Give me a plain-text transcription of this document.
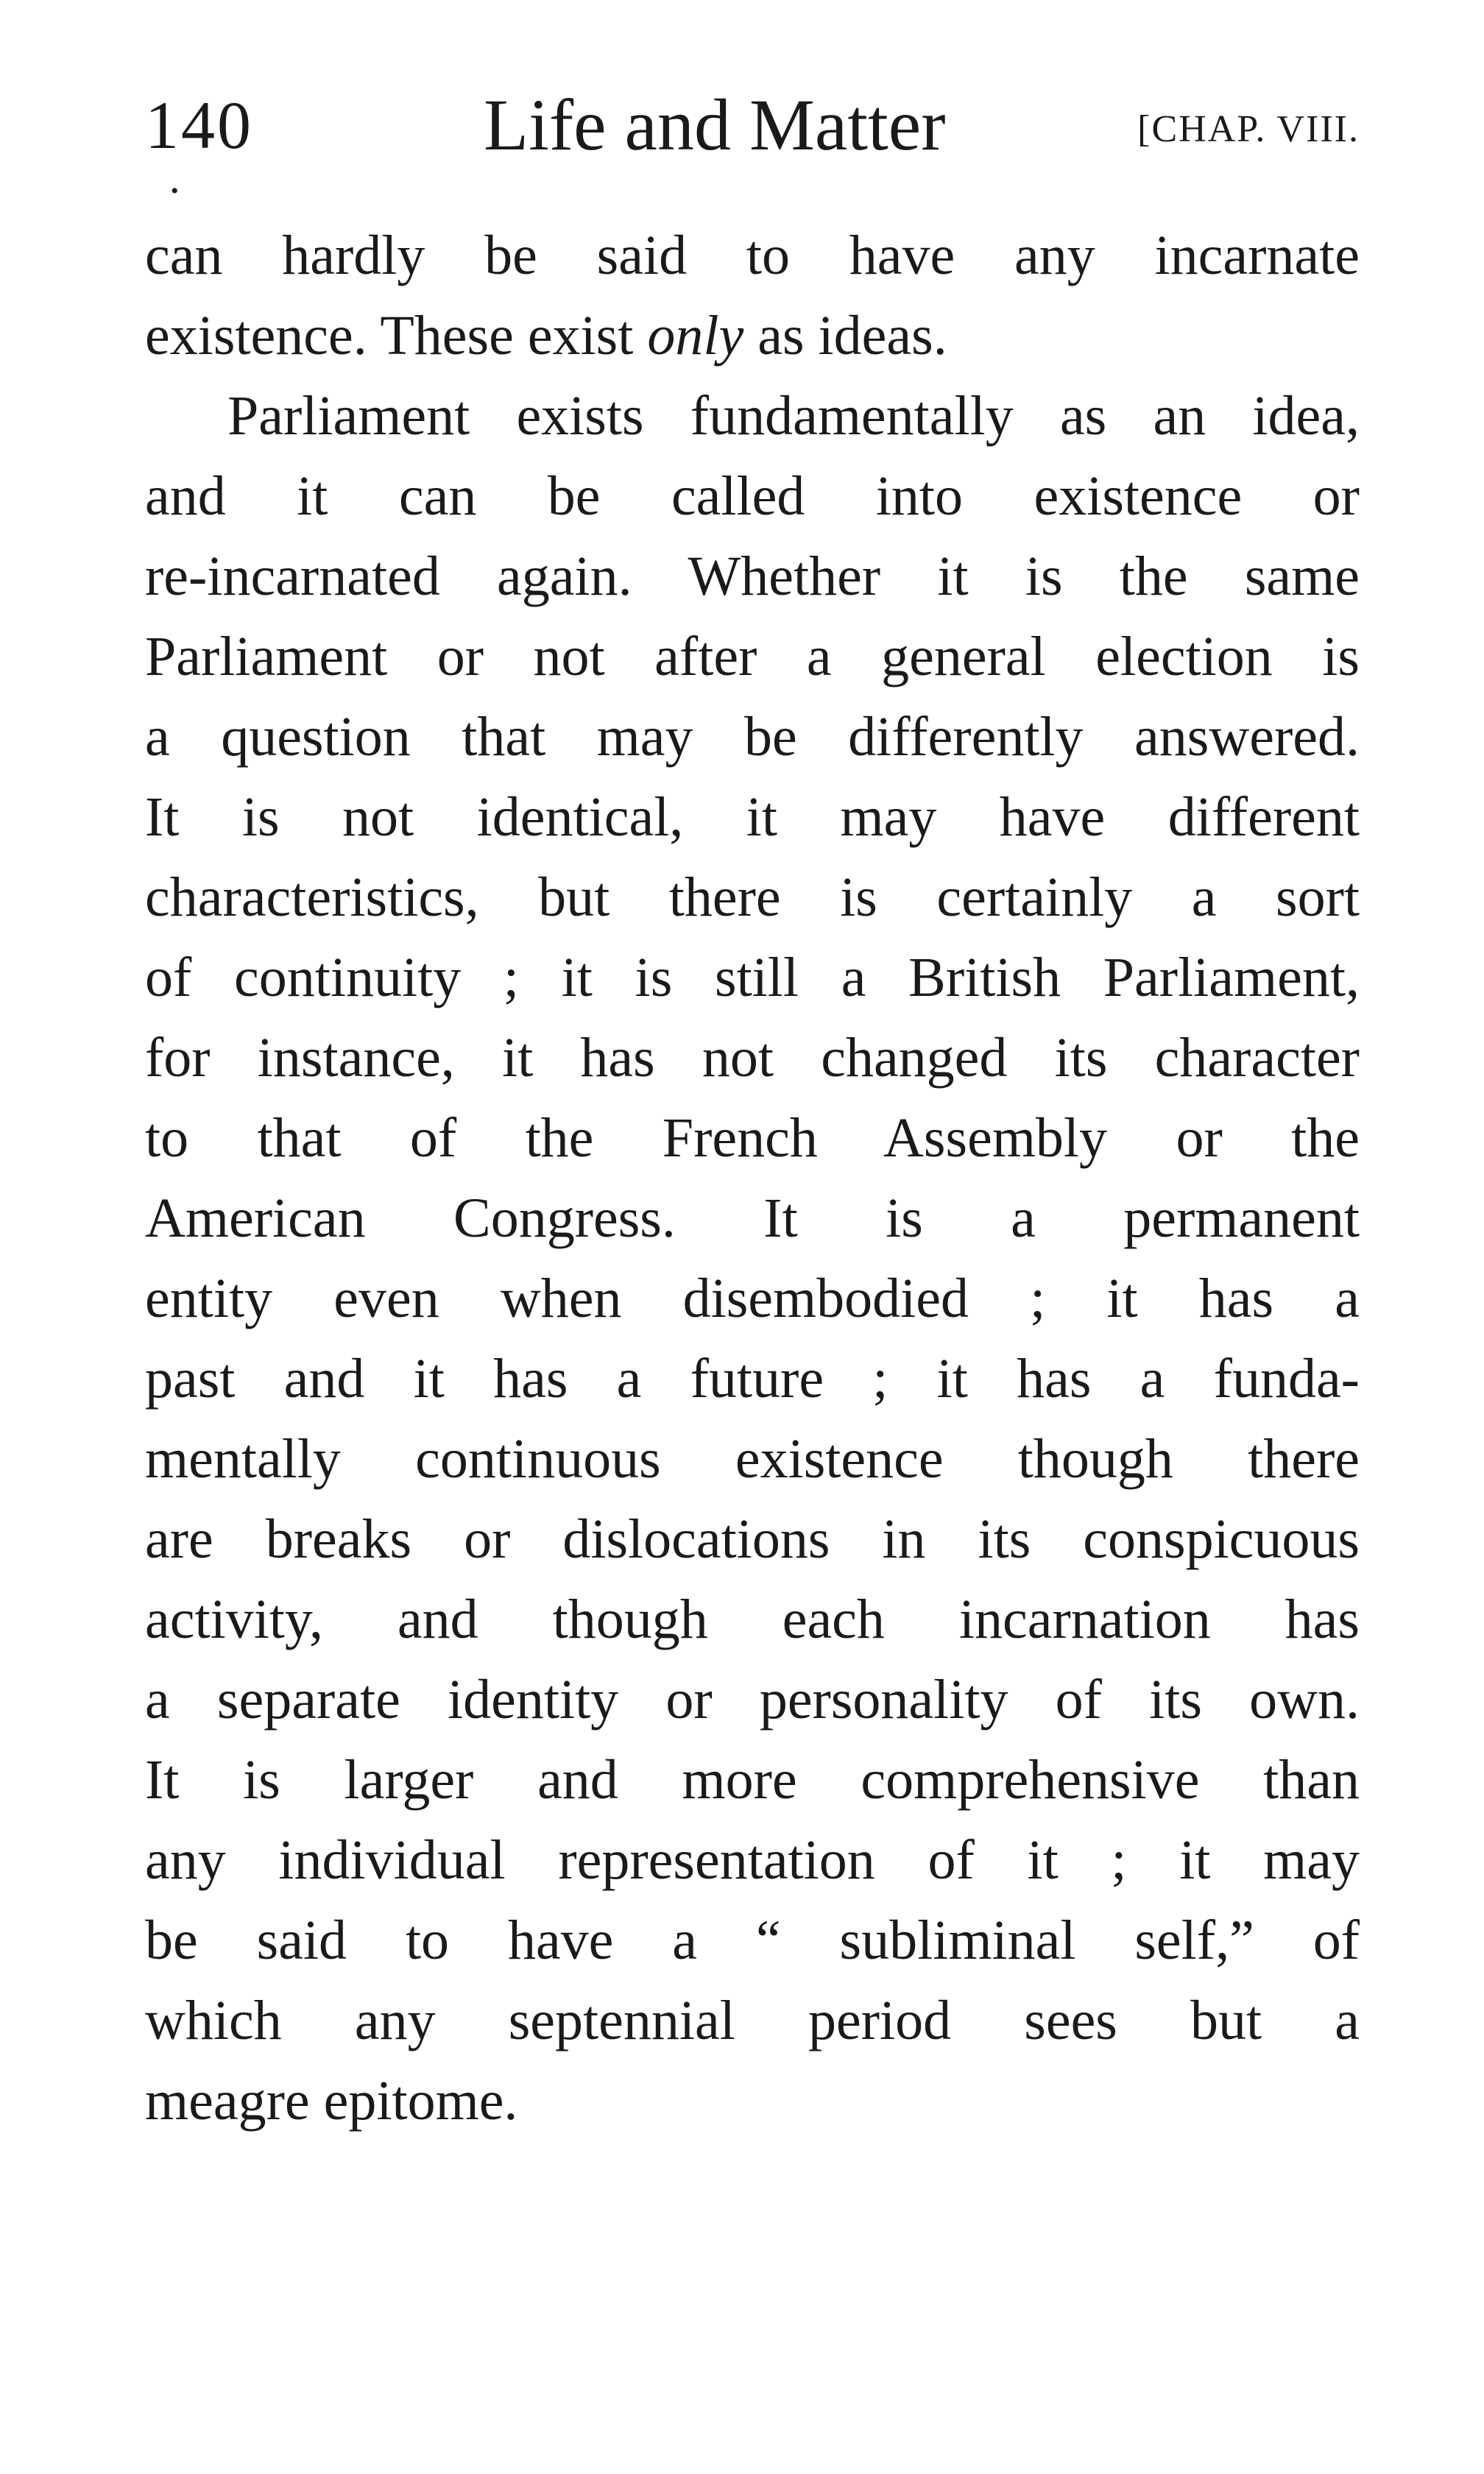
140	Life and Matter	[CHAP. VIII.
can hardly be said to have any incarnate
existence. These exist only as ideas.
Parliament exists fundamentally as an idea,
and it can be called into existence or
re-incarnated again. Whether it is the same
Parliament or not after a general election is
a question that may be differently answered.
It is not identical, it may have different
characteristics, but there is certainly a sort
of continuity ; it is still a British Parliament,
for instance, it has not changed its character
to that of the French Assembly or the
American Congress. It is a permanent
entity even when disembodied ; it has a
past and it has a future ; it has a funda-
mentally continuous existence though there
are breaks or dislocations in its conspicuous
activity, and though each incarnation has
a separate identity or personality of its own.
It is larger and more comprehensive than
any individual representation of it ; it may
be said to have a “ subliminal self,” of
which any septennial period sees but a
meagre epitome.
•
